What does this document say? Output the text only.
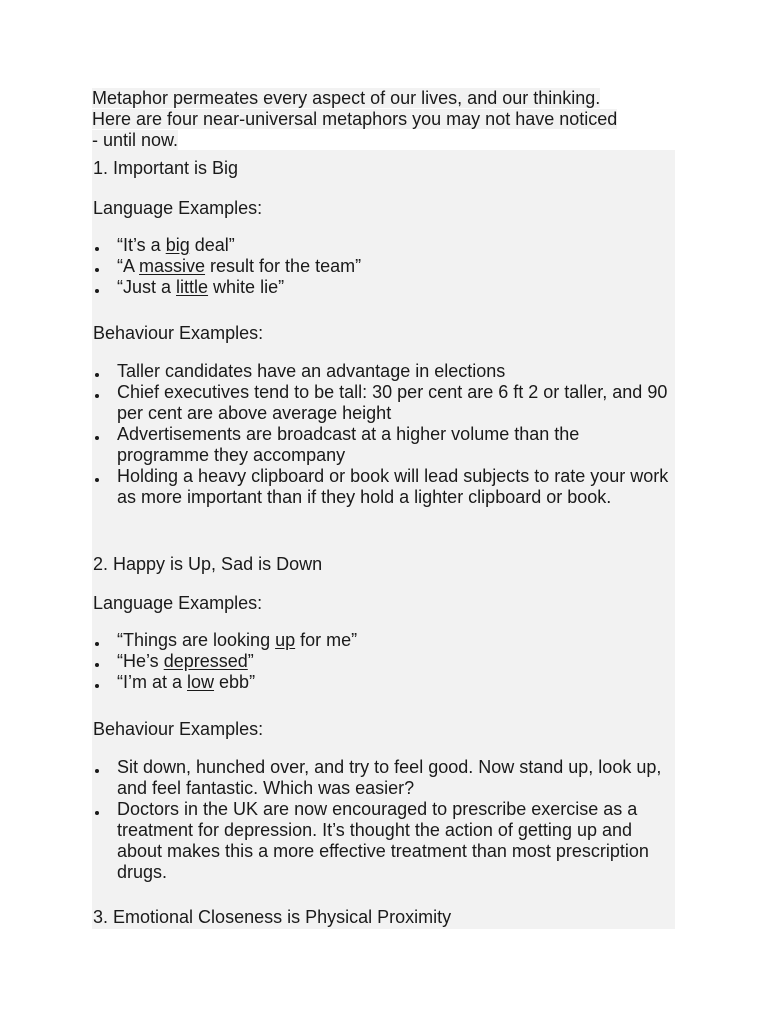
Metaphor permeates every aspect of our lives, and our thinking.
Here are four near-universal metaphors you may not have noticed
- until now.
1. Important is Big
Language Examples:
“It’s a big deal”
“A massive result for the team”
“Just a little white lie”
Behaviour Examples:
Taller candidates have an advantage in elections
Chief executives tend to be tall: 30 per cent are 6 ft 2 or taller, and 90 per cent are above average height
Advertisements are broadcast at a higher volume than the programme they accompany
Holding a heavy clipboard or book will lead subjects to rate your work as more important than if they hold a lighter clipboard or book.
2. Happy is Up, Sad is Down
Language Examples:
“Things are looking up for me”
“He’s depressed”
“I’m at a low ebb”
Behaviour Examples:
Sit down, hunched over, and try to feel good. Now stand up, look up, and feel fantastic. Which was easier?
Doctors in the UK are now encouraged to prescribe exercise as a treatment for depression. It’s thought the action of getting up and about makes this a more effective treatment than most prescription drugs.
3. Emotional Closeness is Physical Proximity
